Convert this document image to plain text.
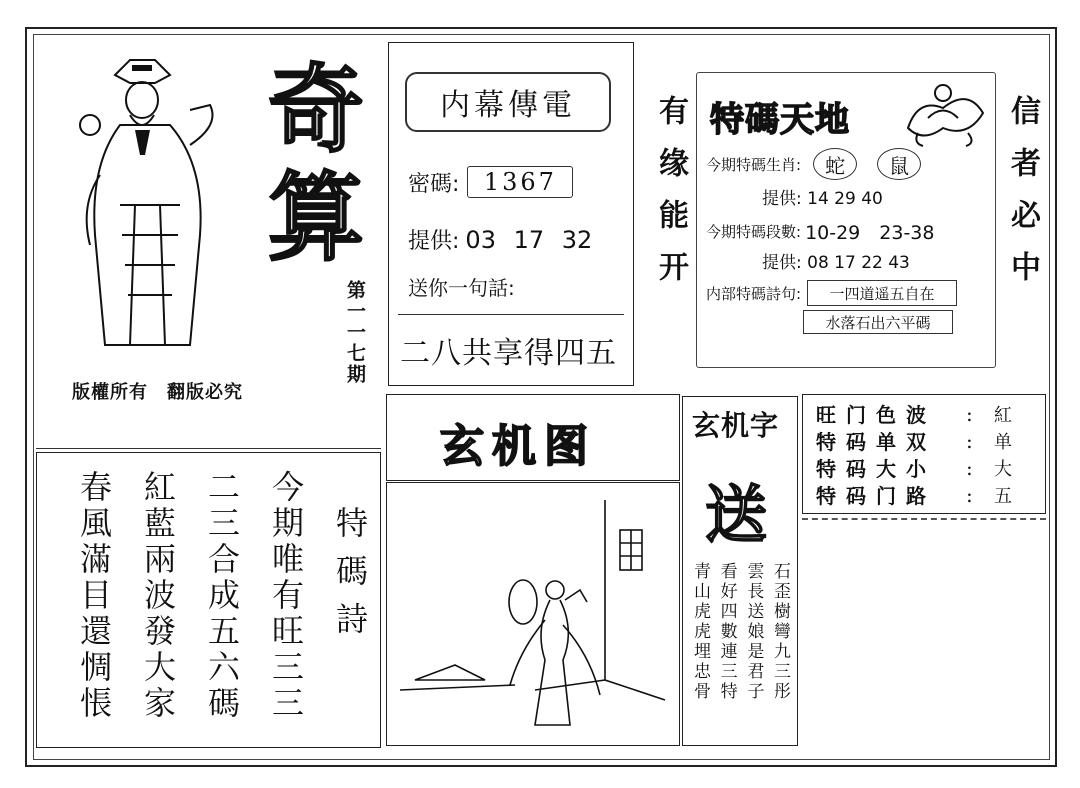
奇
算
第一一七期
版權所有　翻版必究
内幕傳電
密碼:	1367
提供: 03 17 32
送你一句話:
二八共享得四五
有缘能开 特碼天地
今期特碼生肖:	蛇	鼠
提供: 14 29 40
今期特碼段數: 10-29　23-38
提供: 08 17 22 43
内部特碼詩句:	一四道遥五自在
水落石出六平碼
信者必中
玄机图	玄机字
送
石歪樹彎九三彤
雲長送娘是君子
看好四數連三特
青山虎虎埋忠骨
旺门色波	:	紅
特码单双	:	单
特码大小	:	大
特码门路	:	五
特碼詩
今期唯有旺三三
二三合成五六碼
紅藍兩波發大家
春風滿目還惆悵
